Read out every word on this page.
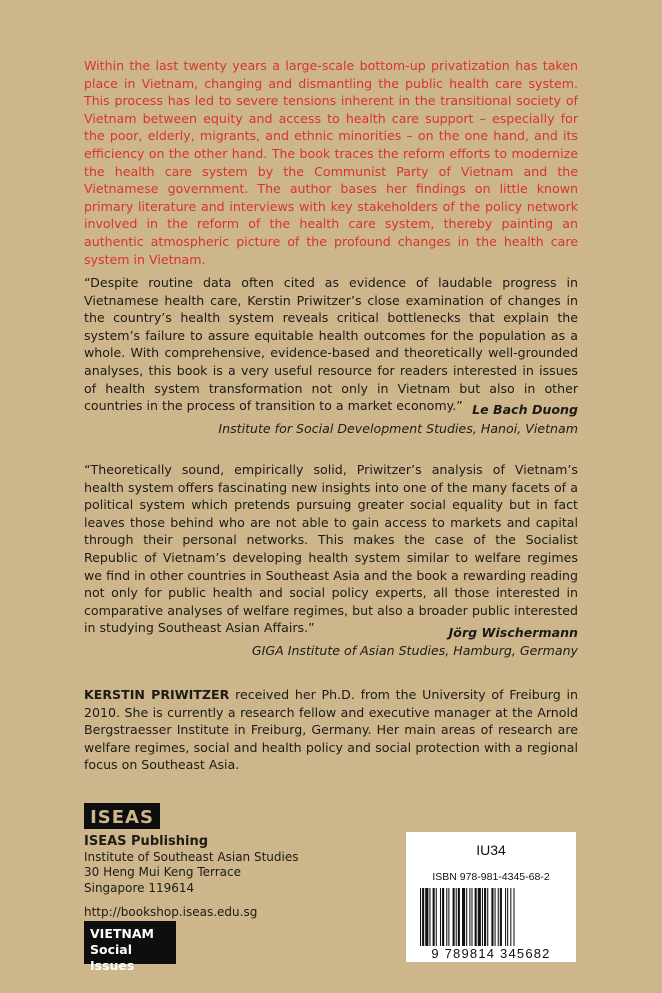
Within the last twenty years a large-scale bottom-up privatization has taken place in Vietnam, changing and dismantling the public health care system. This process has led to severe tensions inherent in the transitional society of Vietnam between equity and access to health care support – especially for the poor, elderly, migrants, and ethnic minorities – on the one hand, and its efficiency on the other hand. The book traces the reform efforts to modernize the health care system by the Communist Party of Vietnam and the Vietnamese government. The author bases her findings on little known primary literature and interviews with key stakeholders of the policy network involved in the reform of the health care system, thereby painting an authentic atmospheric picture of the profound changes in the health care system in Vietnam.

“Despite routine data often cited as evidence of laudable progress in Vietnamese health care, Kerstin Priwitzer’s close examination of changes in the country’s health system reveals critical bottlenecks that explain the system’s failure to assure equitable health outcomes for the population as a whole. With comprehensive, evidence-based and theoretically well-grounded analyses, this book is a very useful resource for readers interested in issues of health system transformation not only in Vietnam but also in other countries in the process of transition to a market economy.” Le Bach Duong
Institute for Social Development Studies, Hanoi, Vietnam

“Theoretically sound, empirically solid, Priwitzer’s analysis of Vietnam’s health system offers fascinating new insights into one of the many facets of a political system which pretends pursuing greater social equality but in fact leaves those behind who are not able to gain access to markets and capital through their personal networks. This makes the case of the Socialist Republic of Vietnam’s developing health system similar to welfare regimes we find in other countries in Southeast Asia and the book a rewarding reading not only for public health and social policy experts, all those interested in comparative analyses of welfare regimes, but also a broader public interested in studying Southeast Asian Affairs.”	Jörg Wischermann
GIGA Institute of Asian Studies, Hamburg, Germany

KERSTIN PRIWITZER received her Ph.D. from the University of Freiburg in 2010. She is currently a research fellow and executive manager at the Arnold Bergstraesser Institute in Freiburg, Germany. Her main areas of research are welfare regimes, social and health policy and social protection with a regional focus on Southeast Asia.

ISEAS
ISEAS Publishing
Institute of Southeast Asian Studies
30 Heng Mui Keng Terrace
Singapore 119614
http://bookshop.iseas.edu.sg
VIETNAM
Social Issues
IU34
ISBN 978-981-4345-68-2
9 789814 345682
